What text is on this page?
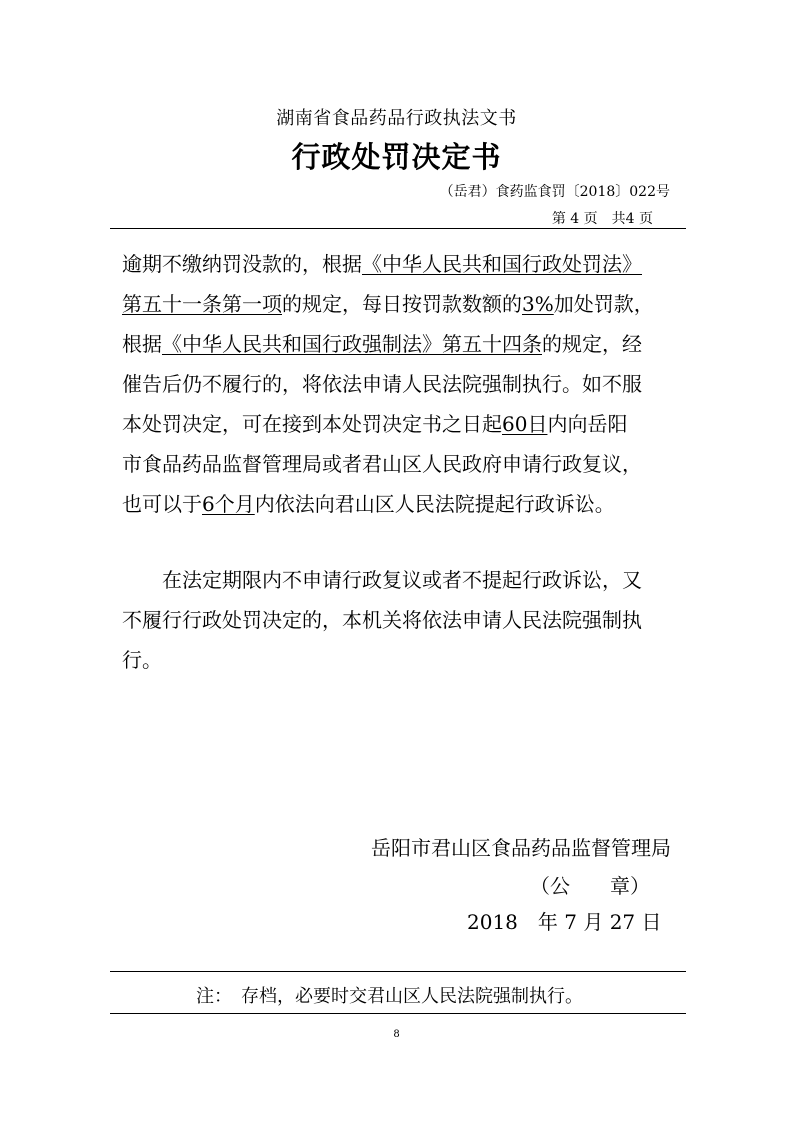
湖南省食品药品行政执法文书
行政处罚决定书
（岳君）食药监食罚〔2018〕022号
第 4 页　共4 页
逾期不缴纳罚没款的，根据《中华人民共和国行政处罚法》
第五十一条第一项的规定，每日按罚款数额的3%加处罚款，
根据《中华人民共和国行政强制法》第五十四条的规定，经
催告后仍不履行的，将依法申请人民法院强制执行。如不服
本处罚决定，可在接到本处罚决定书之日起60日内向岳阳
市食品药品监督管理局或者君山区人民政府申请行政复议，
也可以于6个月内依法向君山区人民法院提起行政诉讼。
在法定期限内不申请行政复议或者不提起行政诉讼，又
不履行行政处罚决定的，本机关将依法申请人民法院强制执
行。
岳阳市君山区食品药品监督管理局
（公　　章）
2018　年 7 月 27 日
注：　存档，必要时交君山区人民法院强制执行。
8
